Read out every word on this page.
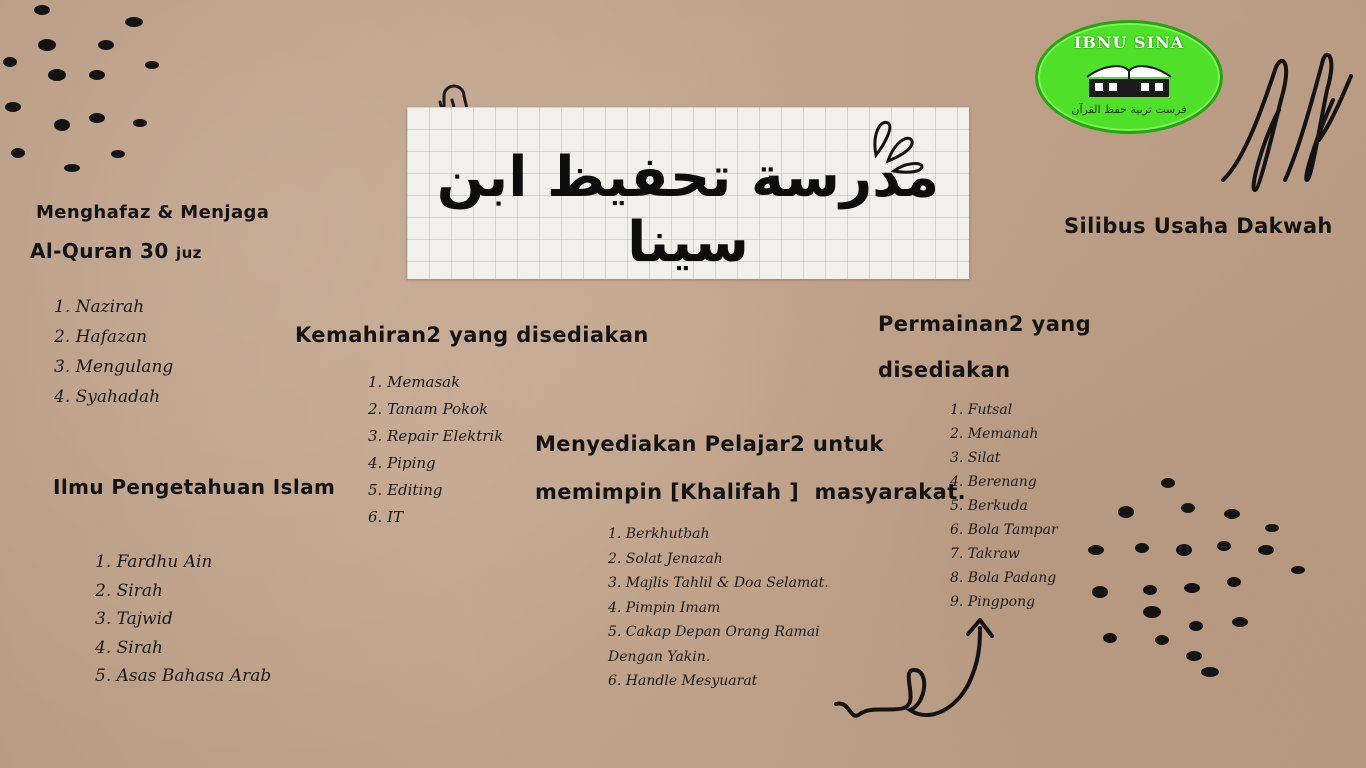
مدرسة تحفيظ ابن سينا
IBNU SINA
فرست تربية حفظ القرآن
Silibus Usaha Dakwah
Menghafaz & Menjaga
Al-Quran 30 juz
1. Nazirah
2. Hafazan
3. Mengulang
4. Syahadah
Ilmu Pengetahuan Islam
1. Fardhu Ain
2. Sirah
3. Tajwid
4. Sirah
5. Asas Bahasa Arab
Kemahiran2 yang disediakan
1. Memasak
2. Tanam Pokok
3. Repair Elektrik
4. Piping
5. Editing
6. IT
Menyediakan Pelajar2 untuk
memimpin [Khalifah ]  masyarakat.
1. Berkhutbah
2. Solat Jenazah
3. Majlis Tahlil & Doa Selamat.
4. Pimpin Imam
5. Cakap Depan Orang Ramai
Dengan Yakin.
6. Handle Mesyuarat
Permainan2 yang
disediakan
1. Futsal
2. Memanah
3. Silat
4. Berenang
5. Berkuda
6. Bola Tampar
7. Takraw
8. Bola Padang
9. Pingpong
